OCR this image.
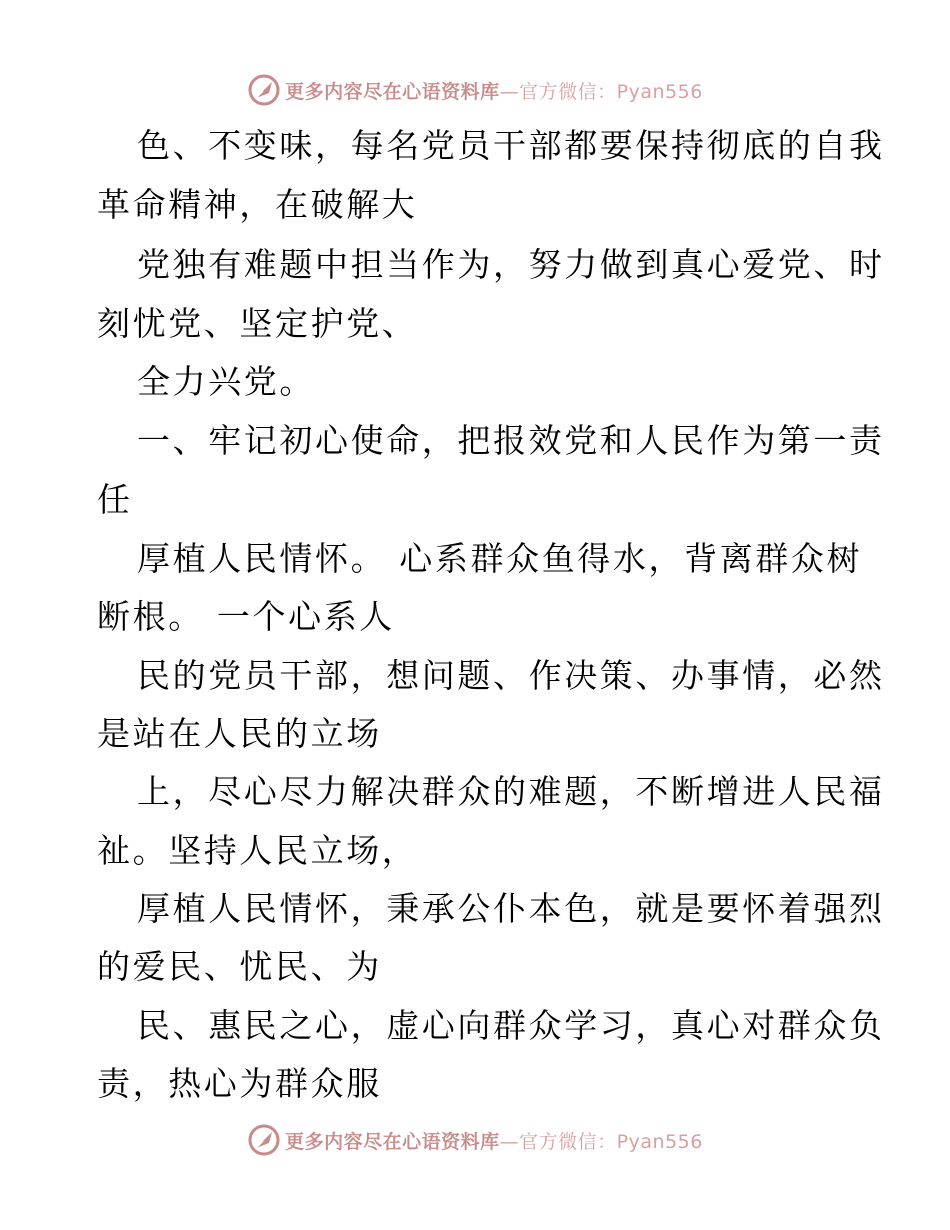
更多内容尽在心语资料库—官方微信：Pyan556
色、不变味，每名党员干部都要保持彻底的自我
革命精神，在破解大
党独有难题中担当作为，努力做到真心爱党、时
刻忧党、坚定护党、
全力兴党。
一、牢记初心使命，把报效党和人民作为第一责
任
厚植人民情怀。 心系群众鱼得水，背离群众树
断根。 一个心系人
民的党员干部，想问题、作决策、办事情，必然
是站在人民的立场
上，尽心尽力解决群众的难题，不断增进人民福
祉。坚持人民立场，
厚植人民情怀，秉承公仆本色，就是要怀着强烈
的爱民、忧民、为
民、惠民之心，虚心向群众学习，真心对群众负
责，热心为群众服
更多内容尽在心语资料库—官方微信：Pyan556
